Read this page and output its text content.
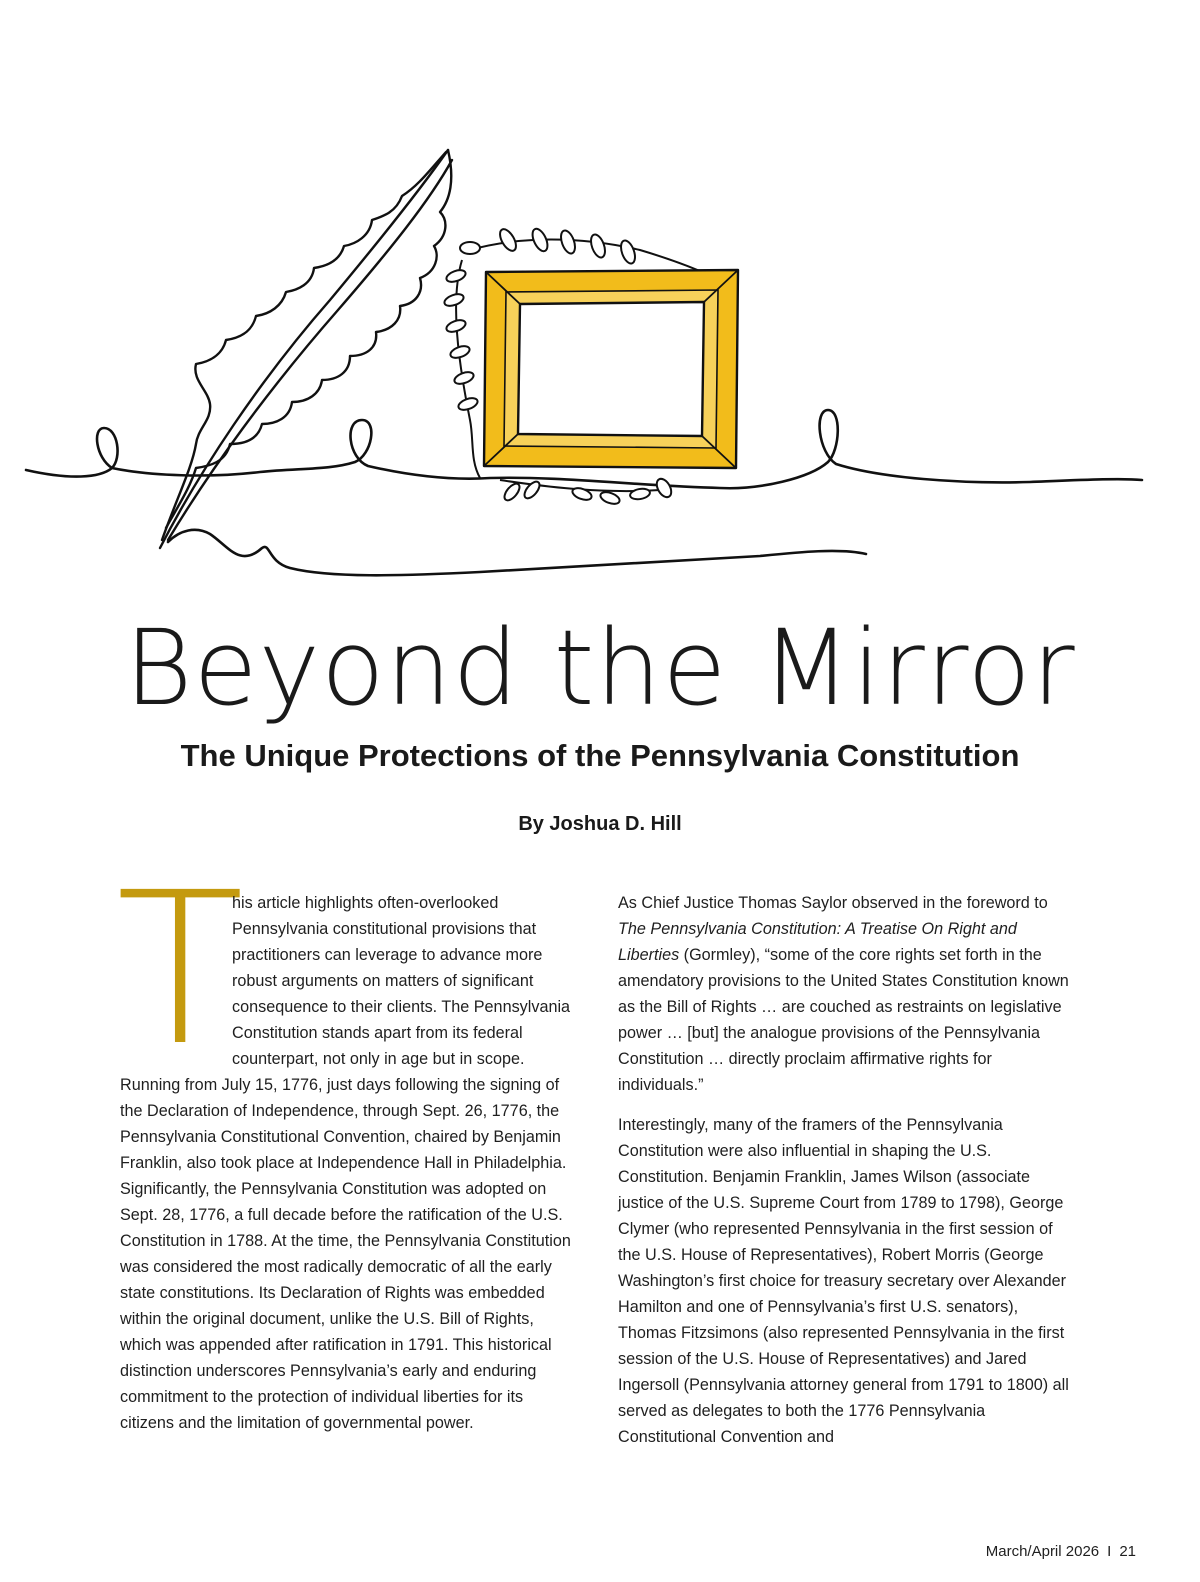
Beyond the Mirror
The Unique Protections of the Pennsylvania Constitution

By Joshua D. Hill

T

his article highlights often-overlooked Pennsylvania constitutional provisions that practitioners can leverage to advance more robust arguments on matters of significant consequence to their clients. The Pennsylvania Constitution stands apart from its federal counterpart, not only in age but in scope. Running from July 15, 1776, just days following the signing of the Declaration of Independence, through Sept. 26, 1776, the Pennsylvania Constitutional Convention, chaired by Benjamin Franklin, also took place at Independence Hall in Philadelphia. Significantly, the Pennsylvania Constitution was adopted on Sept. 28, 1776, a full decade before the ratification of the U.S. Constitution in 1788. At the time, the Pennsylvania Constitution was considered the most radically democratic of all the early state constitutions. Its Declaration of Rights was embedded within the original document, unlike the U.S. Bill of Rights, which was appended after ratification in 1791. This historical distinction underscores Pennsylvania’s early and enduring commitment to the protection of individual liberties for its citizens and the limitation of governmental power.

As Chief Justice Thomas Saylor observed in the foreword to The Pennsylvania Constitution: A Treatise On Right and Liberties (Gormley), “some of the core rights set forth in the amendatory provisions to the United States Constitution known as the Bill of Rights … are couched as restraints on legislative power … [but] the analogue provisions of the Pennsylvania Constitution … directly proclaim affirmative rights for individuals.”

Interestingly, many of the framers of the Pennsylvania Constitution were also influential in shaping the U.S. Constitution. Benjamin Franklin, James Wilson (associate justice of the U.S. Supreme Court from 1789 to 1798), George Clymer (who represented Pennsylvania in the first session of the U.S. House of Representatives), Robert Morris (George Washington’s first choice for treasury secretary over Alexander Hamilton and one of Pennsylvania’s first U.S. senators), Thomas Fitzsimons (also represented Pennsylvania in the first session of the U.S. House of Representatives) and Jared Ingersoll (Pennsylvania attorney general from 1791 to 1800) all served as delegates to both the 1776 Pennsylvania Constitutional Convention and

March/April 2026 I 21
